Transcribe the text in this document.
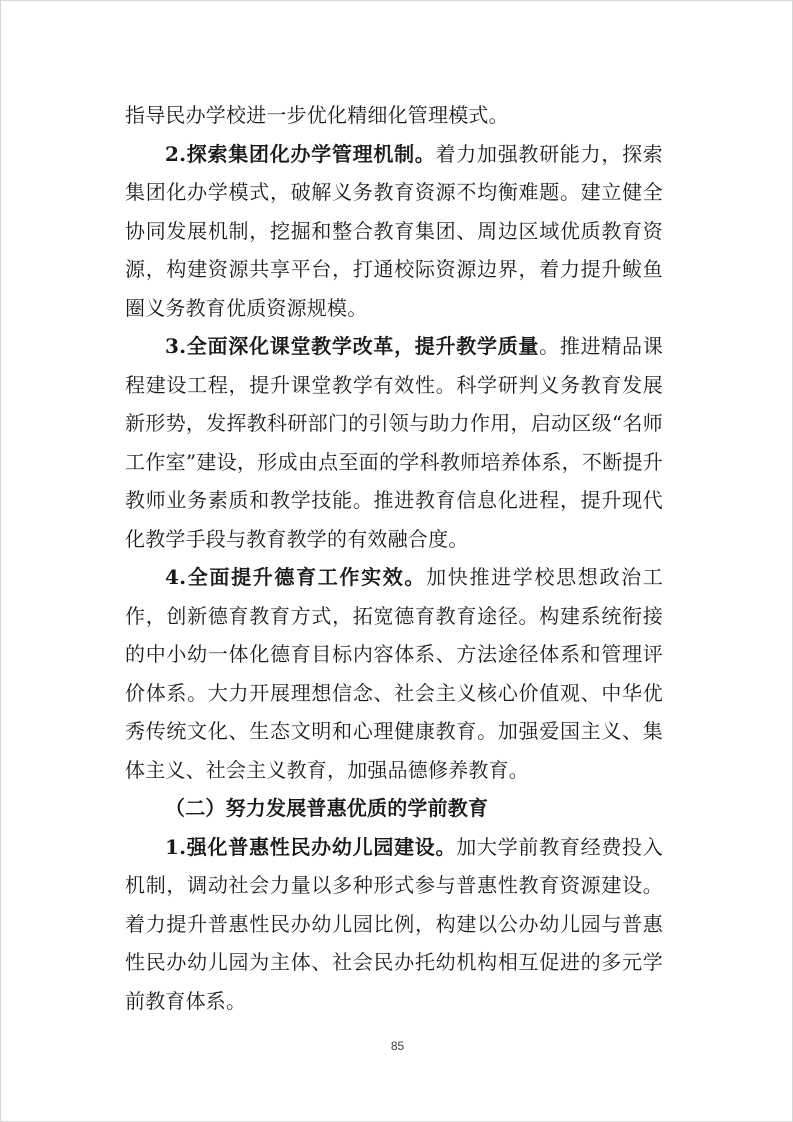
指导民办学校进一步优化精细化管理模式。

2.探索集团化办学管理机制。着力加强教研能力，探索集团化办学模式，破解义务教育资源不均衡难题。建立健全协同发展机制，挖掘和整合教育集团、周边区域优质教育资源，构建资源共享平台，打通校际资源边界，着力提升鲅鱼圈义务教育优质资源规模。

3.全面深化课堂教学改革，提升教学质量。推进精品课程建设工程，提升课堂教学有效性。科学研判义务教育发展新形势，发挥教科研部门的引领与助力作用，启动区级“名师工作室”建设，形成由点至面的学科教师培养体系，不断提升教师业务素质和教学技能。推进教育信息化进程，提升现代化教学手段与教育教学的有效融合度。

4.全面提升德育工作实效。加快推进学校思想政治工作，创新德育教育方式，拓宽德育教育途径。构建系统衔接的中小幼一体化德育目标内容体系、方法途径体系和管理评价体系。大力开展理想信念、社会主义核心价值观、中华优秀传统文化、生态文明和心理健康教育。加强爱国主义、集体主义、社会主义教育，加强品德修养教育。

（二）努力发展普惠优质的学前教育

1.强化普惠性民办幼儿园建设。加大学前教育经费投入机制，调动社会力量以多种形式参与普惠性教育资源建设。着力提升普惠性民办幼儿园比例，构建以公办幼儿园与普惠性民办幼儿园为主体、社会民办托幼机构相互促进的多元学前教育体系。

85
